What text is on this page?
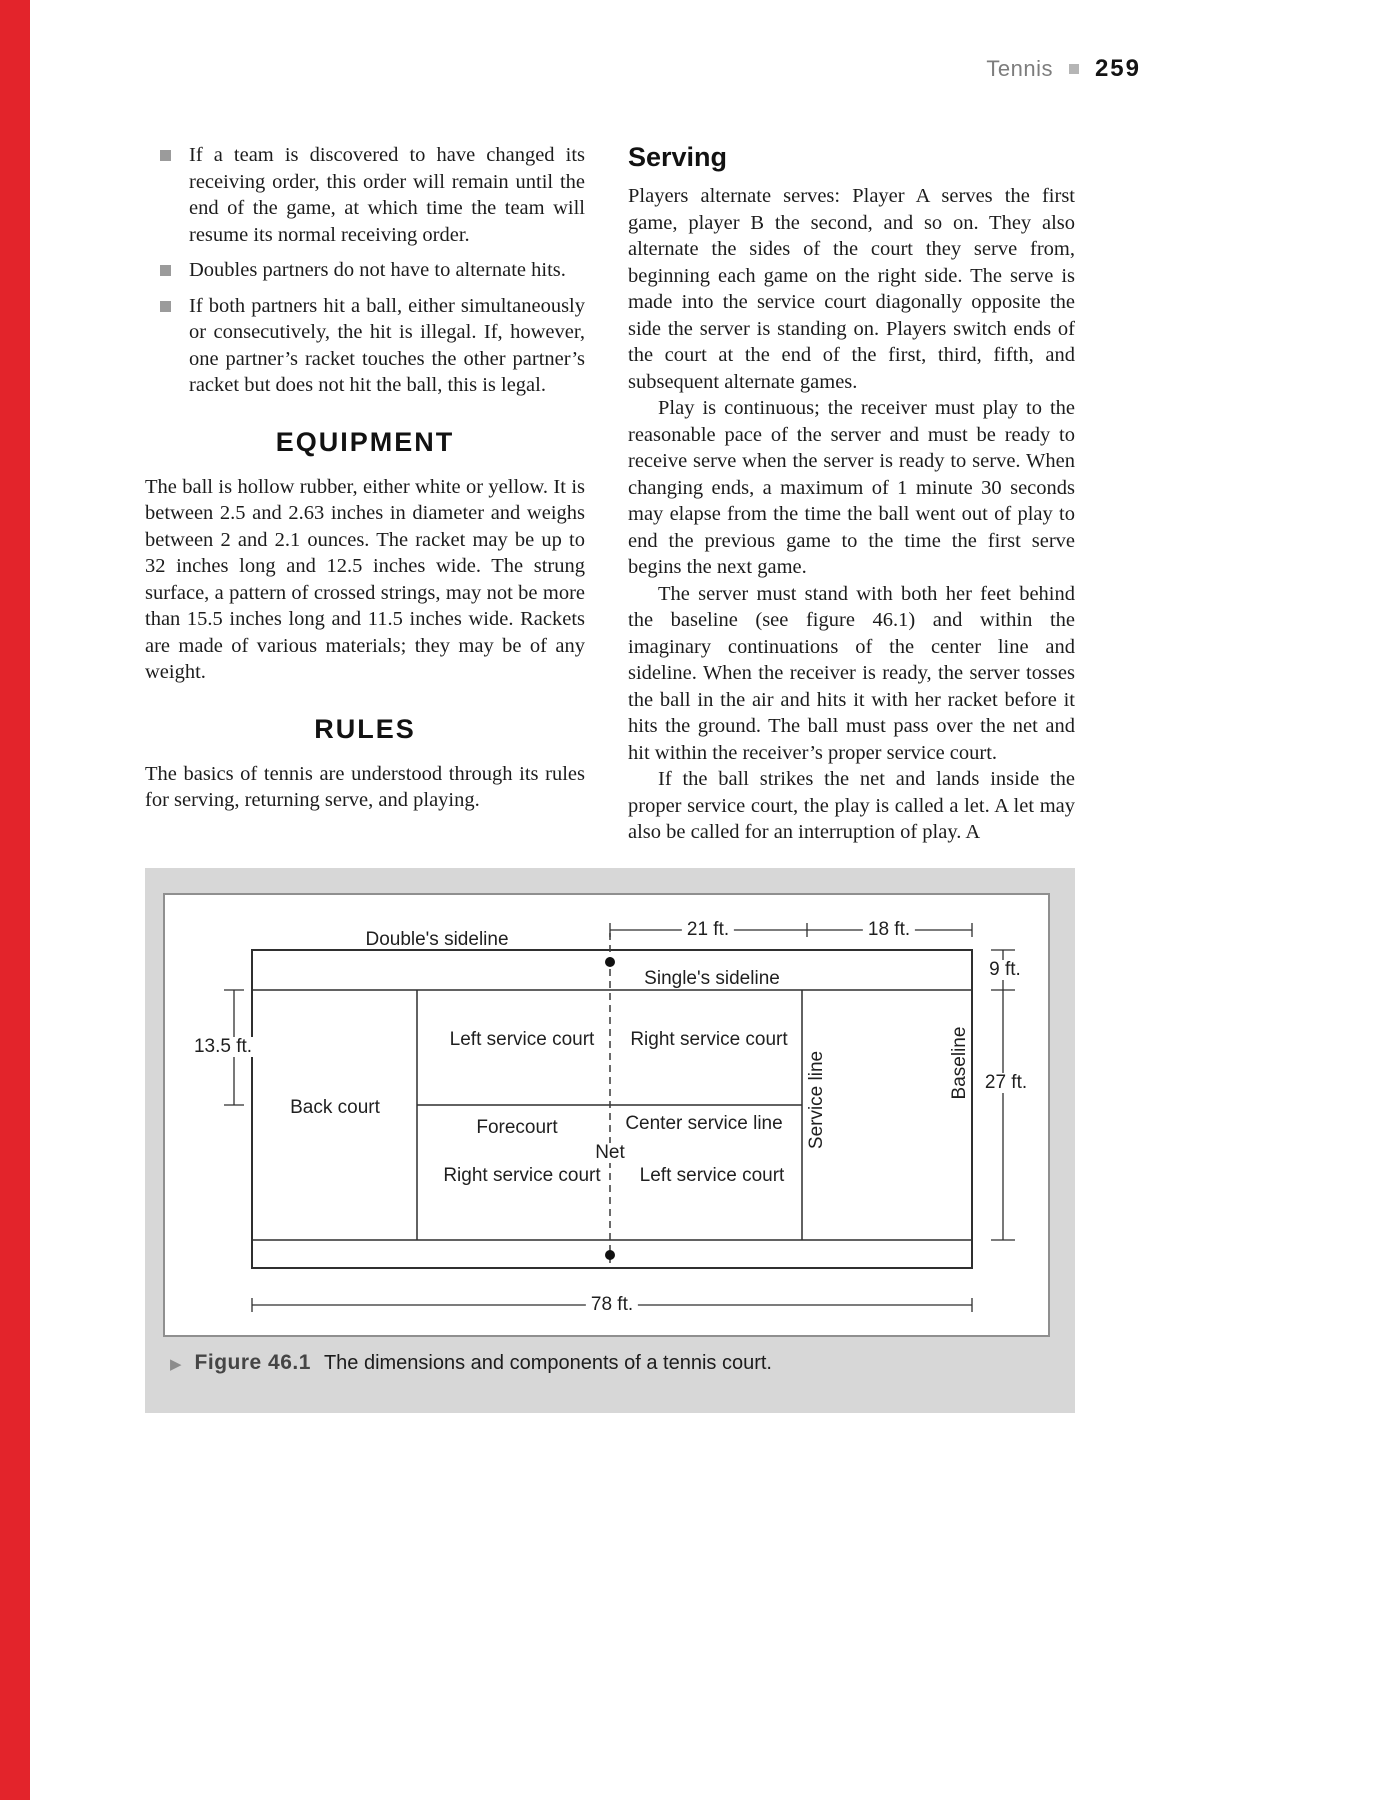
Tennis 259
If a team is discovered to have changed its receiving order, this order will remain until the end of the game, at which time the team will resume its normal receiving order.
Doubles partners do not have to alternate hits.
If both partners hit a ball, either simultaneously or consecutively, the hit is illegal. If, however, one partner’s racket touches the other partner’s racket but does not hit the ball, this is legal.
EQUIPMENT

The ball is hollow rubber, either white or yellow. It is between 2.5 and 2.63 inches in diameter and weighs between 2 and 2.1 ounces. The racket may be up to 32 inches long and 12.5 inches wide. The strung surface, a pattern of crossed strings, may not be more than 15.5 inches long and 11.5 inches wide. Rackets are made of various materials; they may be of any weight.

RULES

The basics of tennis are understood through its rules for serving, returning serve, and playing.

Serving

Players alternate serves: Player A serves the first game, player B the second, and so on. They also alternate the sides of the court they serve from, beginning each game on the right side. The serve is made into the service court diagonally opposite the side the server is standing on. Players switch ends of the court at the end of the first, third, fifth, and subsequent alternate games.

Play is continuous; the receiver must play to the reasonable pace of the server and must be ready to receive serve when the server is ready to serve. When changing ends, a maximum of 1 minute 30 seconds may elapse from the time the ball went out of play to end the previous game to the time the first serve begins the next game.

The server must stand with both her feet behind the baseline (see figure 46.1) and within the imaginary continuations of the center line and sideline. When the receiver is ready, the server tosses the ball in the air and hits it with her racket before it hits the ground. The ball must pass over the net and hit within the receiver’s proper service court.

If the ball strikes the net and lands inside the proper service court, the play is called a let. A let may also be called for an interruption of play. A

Double's sideline
Single's sideline
Left service court Right service court
Back court
Forecourt	Center service line
Net
Right service court Left service court
Service line	Baseline
21 ft.	18 ft.
9 ft.
27 ft.
13.5 ft.
78 ft.
▶ Figure 46.1 The dimensions and components of a tennis court.
